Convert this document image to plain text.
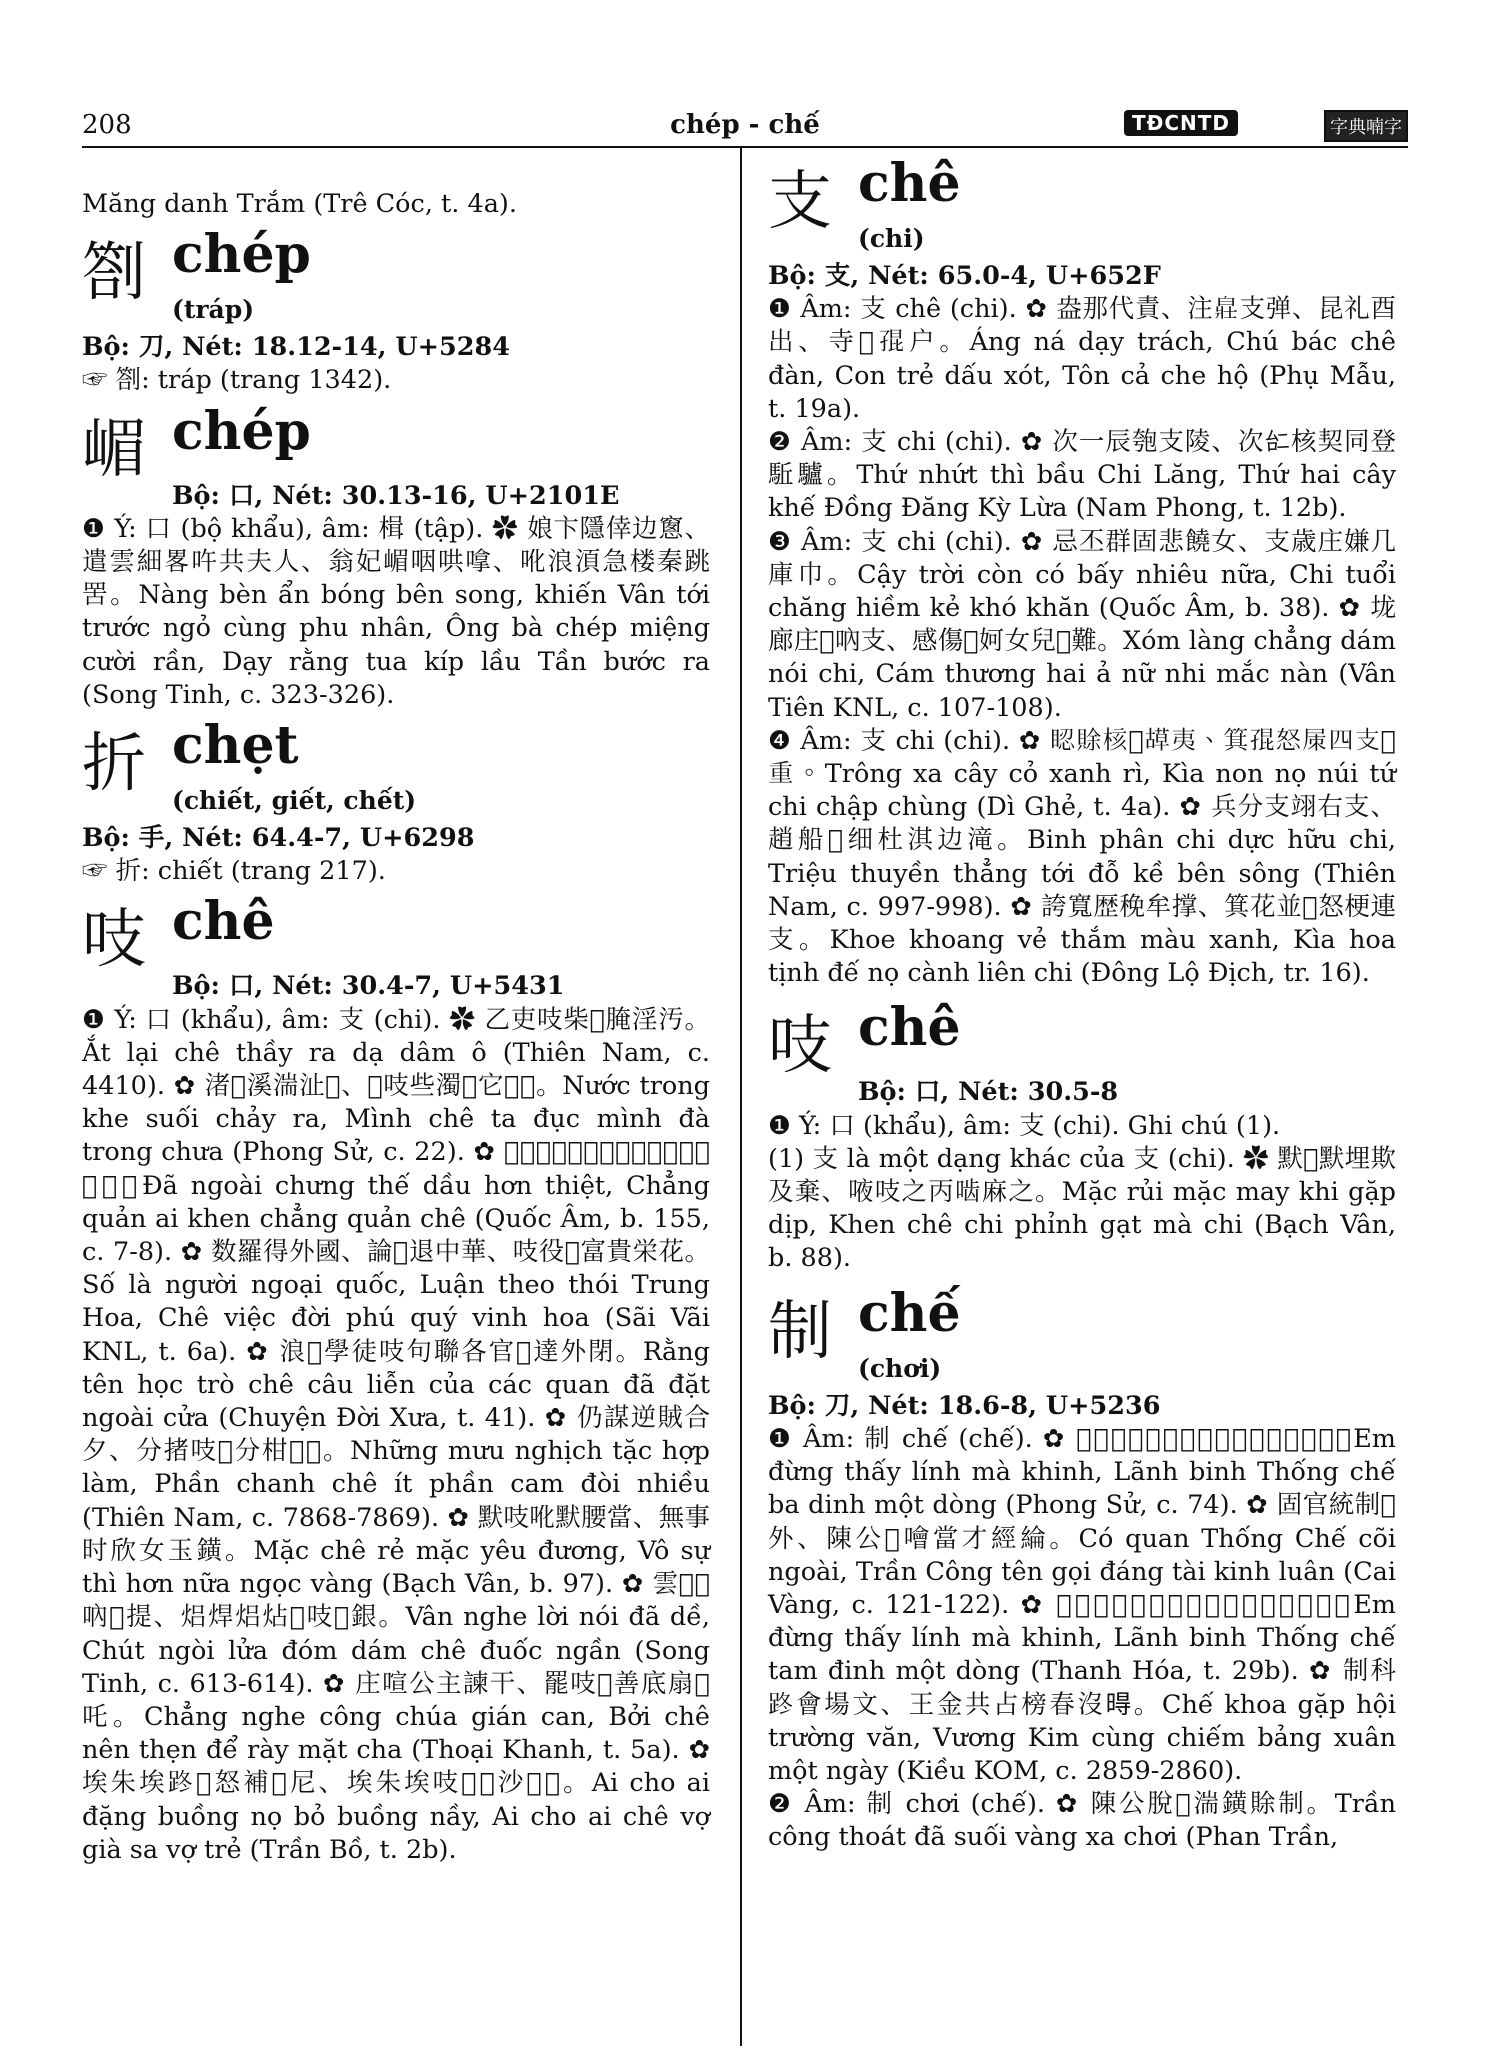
208	chép - chế	TĐCNTD	字典喃字

Măng danh Trắm (Trê Cóc, t. 4a).

劄 chép
(tráp)

Bộ: 刀, Nét: 18.12-14, U+5284

☞ 劄: tráp (trang 1342).

嵋 chép

Bộ: 口, Nét: 30.13-16, U+2101E

❶ Ý: 口 (bộ khẩu), âm: 楫 (tập). ✿ 娘卞隱倖边窻、遣雲細畧吘共夫人、翁妃嵋咽哄嗱、吪浪湏急楼秦跳罟。Nàng bèn ẩn bóng bên song, khiến Vân tới trước ngỏ cùng phu nhân, Ông bà chép miệng cười rần, Dạy rằng tua kíp lầu Tần bước ra (Song Tinh, c. 323-326).

折 chẹt
(chiết, giết, chết)

Bộ: 手, Nét: 64.4-7, U+6298

☞ 折: chiết (trang 217).

吱 chê

Bộ: 口, Nét: 30.4-7, U+5431

❶ Ý: 口 (khẩu), âm: 支 (chi). ✿ 乙吏吱柴𪬾腌淫汚。Ắt lại chê thầy ra dạ dâm ô (Thiên Nam, c. 4410). ✿ 渚𣴜溪湍沚𪬾、𨉟吱些濁𨉟它𧿫𤃢。Nước trong khe suối chảy ra, Mình chê ta đục mình đà trong chưa (Phong Sử, c. 22). ✿ 𢆥外𤍊世油欣舌、拯𠲖埃唏拯𠲖吱。Đã ngoài chưng thế dầu hơn thiệt, Chẳng quản ai khen chẳng quản chê (Quốc Âm, b. 155, c. 7-8). ✿ 数羅得外國、論𨁪退中華、吱役𣈜富貴栄花。Số là người ngoại quốc, Luận theo thói Trung Hoa, Chê việc đời phú quý vinh hoa (Sãi Vãi KNL, t. 6a). ✿ 浪𤯩學徒吱句聯各官𢆥達外閉。Rằng tên học trò chê câu liễn của các quan đã đặt ngoài cửa (Chuyện Đời Xưa, t. 41). ✿ 仍謀逆賊合夕、分㨋吱𤼸分柑𠾕𢥇。Những mưu nghịch tặc hợp làm, Phần chanh chê ít phần cam đòi nhiều (Thiên Nam, c. 7868-7869). ✿ 默吱吪默腰當、無事时欣女玉鐄。Mặc chê rẻ mặc yêu đương, Vô sự thì hơn nữa ngọc vàng (Bạch Vân, b. 97). ✿ 雲𦖑𠳒吶𡗶提、焒焊焒炶𡎝吱𤼸銀。Vân nghe lời nói đã dề, Chút ngòi lửa đóm dám chê đuốc ngần (Song Tinh, c. 613-614). ✿ 庄喧公主諫干、罷吱𨫊善底扇𥺊吒。Chẳng nghe công chúa gián can, Bởi chê nên thẹn để rày mặt cha (Thoại Khanh, t. 5a). ✿ 埃朱埃𨀐𨇜怒補𨇜尼、埃朱埃吱𡞕𡞕沙𡞕𡞕。Ai cho ai đặng buồng nọ bỏ buồng nầy, Ai cho ai chê vợ già sa vợ trẻ (Trần Bồ, t. 2b).

支 chê
(chi)

Bộ: 支, Nét: 65.0-4, U+652F

❶ Âm: 支 chê (chi). ✿ 盎那代責、注𤽸支弹、昆礼酉出、寺𡢐𡥵户。Áng ná dạy trách, Chú bác chê đàn, Con trẻ dấu xót, Tôn cả che hộ (Phụ Mẫu, t. 19a).

❷ Âm: 支 chi (chi). ✿ 次一辰匏支陵、次𠄩核契同登駈驢。Thứ nhứt thì bầu Chi Lăng, Thứ hai cây khế Đồng Đăng Kỳ Lừa (Nam Phong, t. 12b).

❸ Âm: 支 chi (chi). ✿ 忌丕群固悲饒女、支歳庄嫌几庫巾。Cậy trời còn có bấy nhiêu nữa, Chi tuổi chăng hiềm kẻ khó khăn (Quốc Âm, b. 38). ✿ 垅廊庄𡎝吶支、感傷𠄩妸女兒󰒂難。Xóm làng chẳng dám nói chi, Cám thương hai ả nữ nhi mắc nàn (Vân Tiên KNL, c. 107-108).

❹ Âm: 支 chi (chi). ✿ 𥆾賖核𦹵𦹯夷、箕𡥵怒㞖四支𢵩重。Trông xa cây cỏ xanh rì, Kìa non nọ núi tứ chi chập chùng (Dì Ghẻ, t. 4a). ✿ 兵分支翊右支、趙船𥕄细杜淇边滝。Binh phân chi dực hữu chi, Triệu thuyền thẳng tới đỗ kề bên sông (Thiên Nam, c. 997-998). ✿ 誇寬歴䅋牟撑、箕花並𨇜怒梗連支。Khoe khoang vẻ thắm màu xanh, Kìa hoa tịnh đế nọ cành liên chi (Đông Lộ Địch, tr. 16).

吱 chê

Bộ: 口, Nét: 30.5-8

❶ Ý: 口 (khẩu), âm: 支 (chi). Ghi chú (1).

(1) 支 là một dạng khác của 支 (chi). ✿ 默𢬣默埋欺及棄、㖡吱之丙啮麻之。Mặc rủi mặc may khi gặp dịp, Khen chê chi phỉnh gạt mà chi (Bạch Vân, b. 88).

制 chế
(chơi)

Bộ: 刀, Nét: 18.6-8, U+5236

❶ Âm: 制 chế (chế). ✿ 𡛤停𧡊𨱎𢇓輕、領兵統制𢀭營沒洲。Em đừng thấy lính mà khinh, Lãnh binh Thống chế ba dinh một dòng (Phong Sử, c. 74). ✿ 固官統制𡓁外、陳公𠸜噲當才經綸。Có quan Thống Chế cõi ngoài, Trần Công tên gọi đáng tài kinh luân (Cai Vàng, c. 121-122). ✿ 𡛤停𧡊𨱎麻輕、領兵統制三丁沒洲。Em đừng thấy lính mà khinh, Lãnh binh Thống chế tam đinh một dòng (Thanh Hóa, t. 29b). ✿ 制科𨀐會場文、王金共占榜春沒𣈜。Chế khoa gặp hội trường văn, Vương Kim cùng chiếm bảng xuân một ngày (Kiều KOM, c. 2859-2860).

❷ Âm: 制 chơi (chế). ✿ 陳公脫𢆥湍鐄賖制。Trần công thoát đã suối vàng xa chơi (Phan Trần,
